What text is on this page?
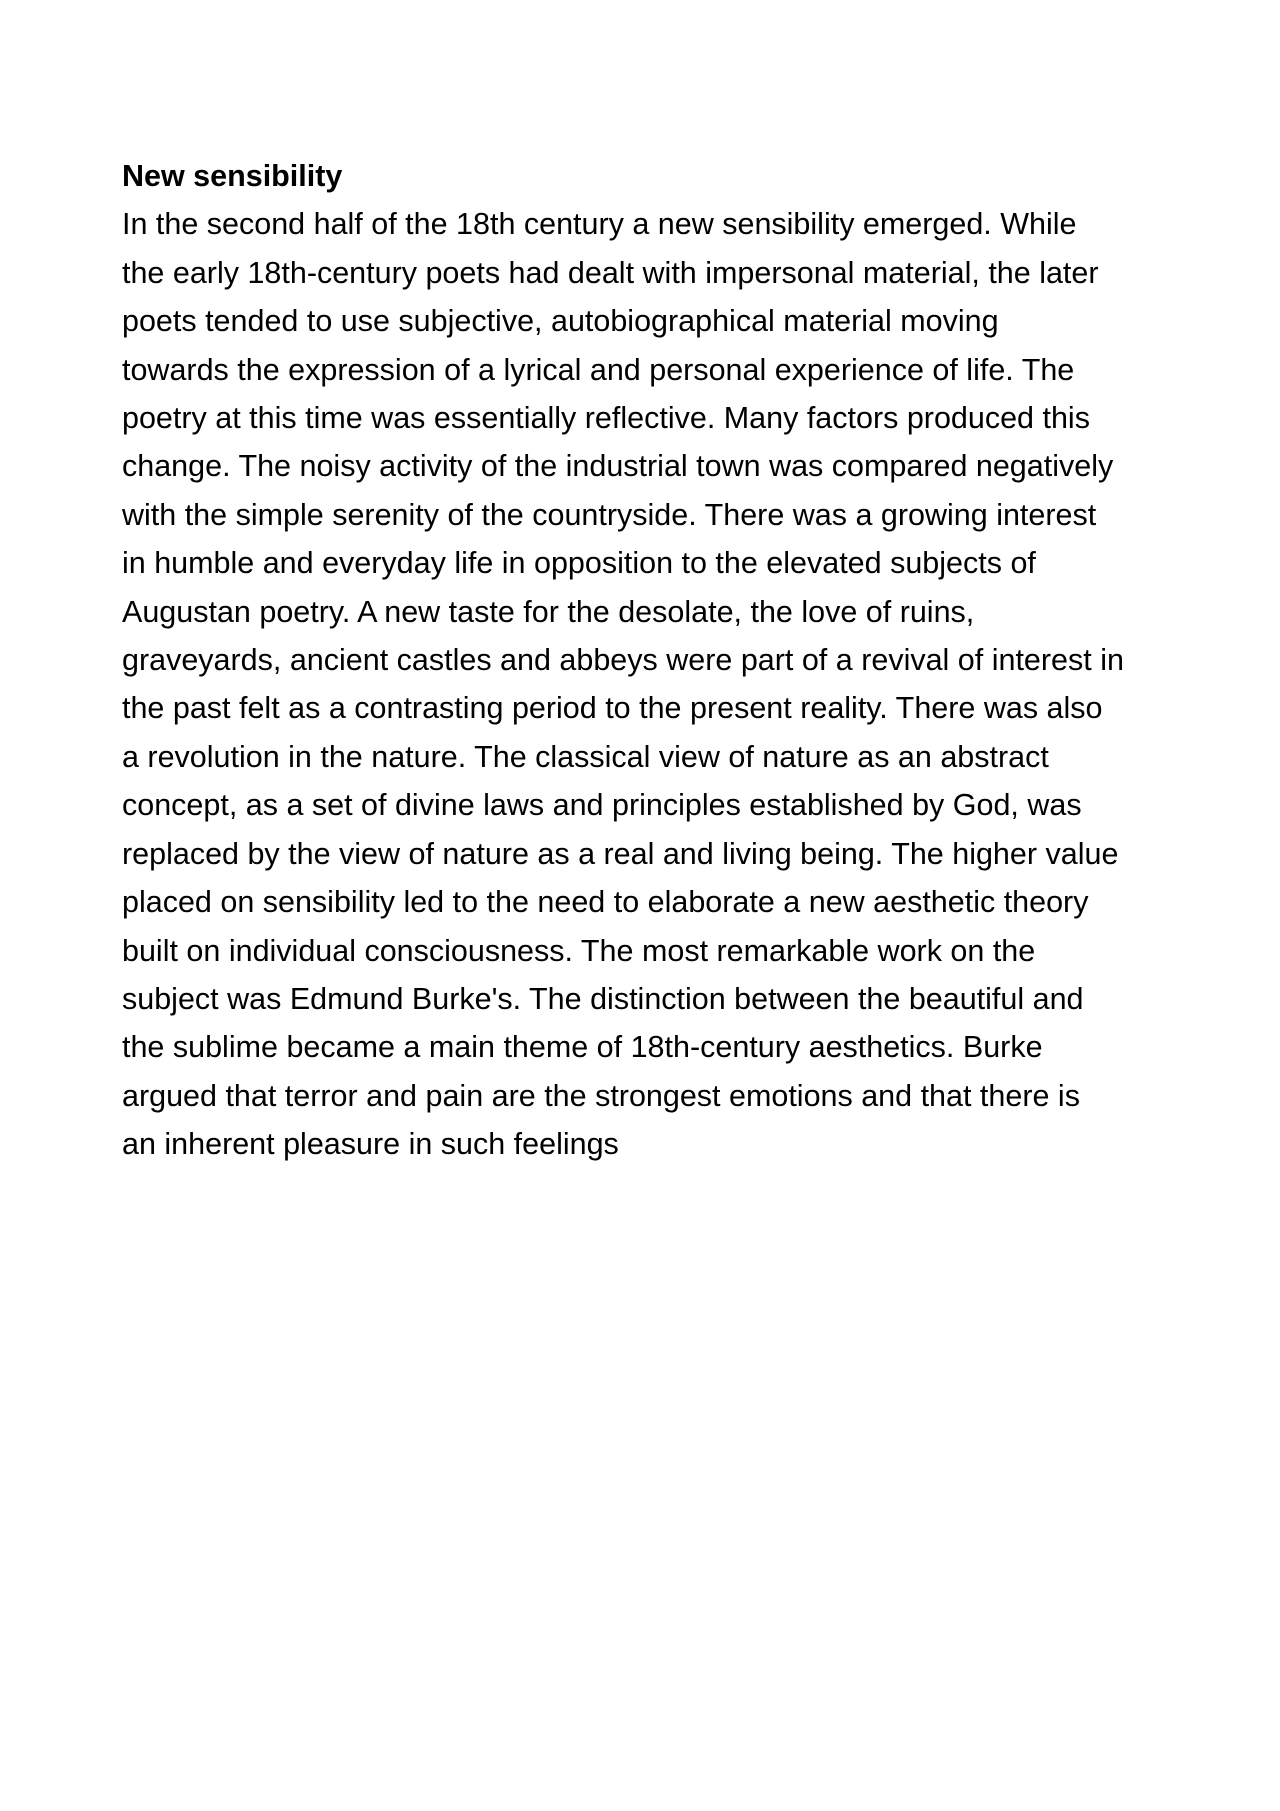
New sensibility

In the second half of the 18th century a new sensibility emerged. While

the early 18th-century poets had dealt with impersonal material, the later

poets tended to use subjective, autobiographical material moving

towards the expression of a lyrical and personal experience of life. The

poetry at this time was essentially reflective. Many factors produced this

change. The noisy activity of the industrial town was compared negatively

with the simple serenity of the countryside. There was a growing interest

in humble and everyday life in opposition to the elevated subjects of

Augustan poetry. A new taste for the desolate, the love of ruins,

graveyards, ancient castles and abbeys were part of a revival of interest in

the past felt as a contrasting period to the present reality. There was also

a revolution in the nature. The classical view of nature as an abstract

concept, as a set of divine laws and principles established by God, was

replaced by the view of nature as a real and living being. The higher value

placed on sensibility led to the need to elaborate a new aesthetic theory

built on individual consciousness. The most remarkable work on the

subject was Edmund Burke's. The distinction between the beautiful and

the sublime became a main theme of 18th-century aesthetics. Burke

argued that terror and pain are the strongest emotions and that there is

an inherent pleasure in such feelings
